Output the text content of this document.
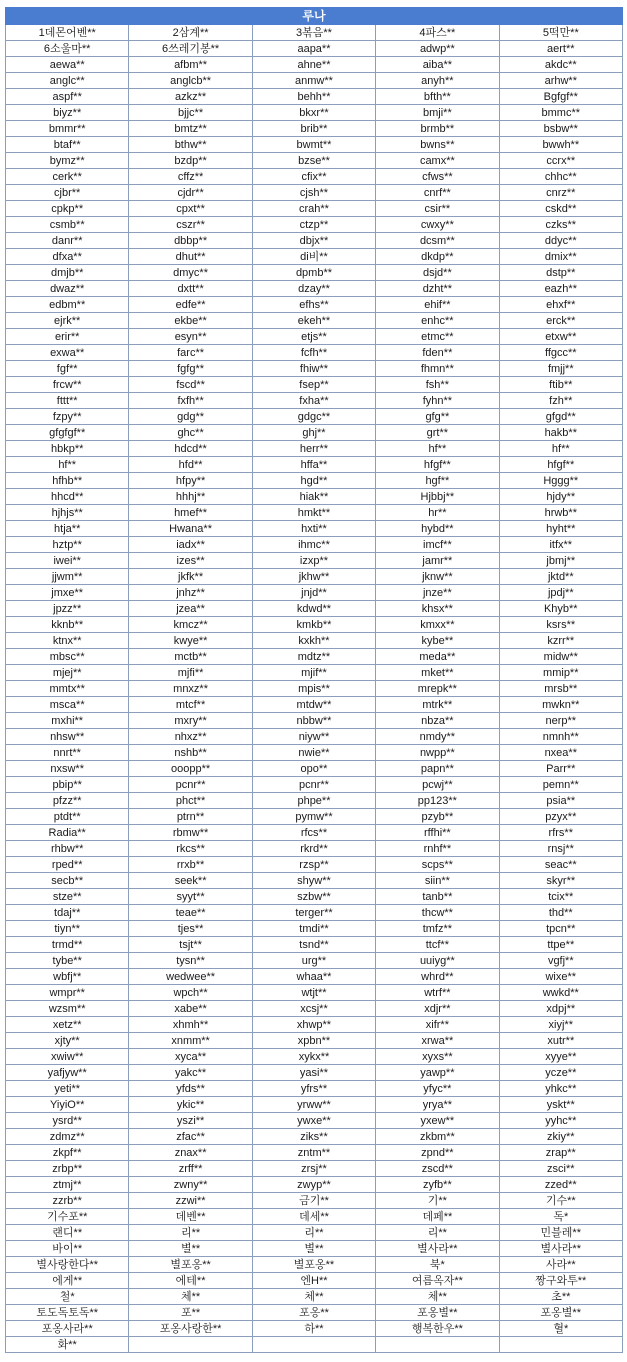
루나				
1데몬어벤**	2삼계**	3볶음**	4파스**	5떡만**
6소울마**	6쓰레기봉**	aapa**	adwp**	aert**
aewa**	afbm**	ahne**	aiba**	akdc**
anglc**	anglcb**	anmw**	anyh**	arhw**
aspf**	azkz**	behh**	bfth**	Bgfgf**
biyz**	bjjc**	bkxr**	bmji**	bmmc**
bmmr**	bmtz**	brib**	brmb**	bsbw**
btaf**	bthw**	bwmt**	bwns**	bwwh**
bymz**	bzdp**	bzse**	camx**	ccrx**
cerk**	cffz**	cfix**	cfws**	chhc**
cjbr**	cjdr**	cjsh**	cnrf**	cnrz**
cpkp**	cpxt**	crah**	csir**	cskd**
csmb**	cszr**	ctzp**	cwxy**	czks**
danr**	dbbp**	dbjx**	dcsm**	ddyc**
dfxa**	dhut**	di비**	dkdp**	dmix**
dmjb**	dmyc**	dpmb**	dsjd**	dstp**
dwaz**	dxtt**	dzay**	dzht**	eazh**
edbm**	edfe**	efhs**	ehif**	ehxf**
ejrk**	ekbe**	ekeh**	enhc**	erck**
erir**	esyn**	etjs**	etmc**	etxw**
exwa**	farc**	fcfh**	fden**	ffgcc**
fgf**	fgfg**	fhiw**	fhmn**	fmjj**
frcw**	fscd**	fsep**	fsh**	ftib**
fttt**	fxfh**	fxha**	fyhn**	fzh**
fzpy**	gdg**	gdgc**	gfg**	gfgd**
gfgfgf**	ghc**	ghj**	grt**	hakb**
hbkp**	hdcd**	herr**	hf**	hf**
hf**	hfd**	hffa**	hfgf**	hfgf**
hfhb**	hfpy**	hgd**	hgf**	Hggg**
hhcd**	hhhj**	hiak**	Hjbbj**	hjdy**
hjhjs**	hmef**	hmkt**	hr**	hrwb**
htja**	Hwana**	hxti**	hybd**	hyht**
hztp**	iadx**	ihmc**	imcf**	itfx**
iwei**	izes**	izxp**	jamr**	jbmj**
jjwm**	jkfk**	jkhw**	jknw**	jktd**
jmxe**	jnhz**	jnjd**	jnze**	jpdj**
jpzz**	jzea**	kdwd**	khsx**	Khyb**
kknb**	kmcz**	kmkb**	kmxx**	ksrs**
ktnx**	kwye**	kxkh**	kybe**	kzrr**
mbsc**	mctb**	mdtz**	meda**	midw**
mjej**	mjfi**	mjif**	mket**	mmip**
mmtx**	mnxz**	mpis**	mrepk**	mrsb**
msca**	mtcf**	mtdw**	mtrk**	mwkn**
mxhi**	mxry**	nbbw**	nbza**	nerp**
nhsw**	nhxz**	niyw**	nmdy**	nmnh**
nnrt**	nshb**	nwie**	nwpp**	nxea**
nxsw**	ooopp**	opo**	papn**	Parr**
pbip**	pcnr**	pcnr**	pcwj**	pemn**
pfzz**	phct**	phpe**	pp123**	psia**
ptdt**	ptrn**	pymw**	pzyb**	pzyx**
Radia**	rbmw**	rfcs**	rffhi**	rfrs**
rhbw**	rkcs**	rkrd**	rnhf**	rnsj**
rped**	rrxb**	rzsp**	scps**	seac**
secb**	seek**	shyw**	siin**	skyr**
stze**	syyt**	szbw**	tanb**	tcix**
tdaj**	teae**	terger**	thcw**	thd**
tiyn**	tjes**	tmdi**	tmfz**	tpcn**
trmd**	tsjt**	tsnd**	ttcf**	ttpe**
tybe**	tysn**	urg**	uuiyg**	vgfj**
wbfj**	wedwee**	whaa**	whrd**	wixe**
wmpr**	wpch**	wtjt**	wtrf**	wwkd**
wzsm**	xabe**	xcsj**	xdjr**	xdpj**
xetz**	xhmh**	xhwp**	xifr**	xiyj**
xjty**	xnmm**	xpbn**	xrwa**	xutr**
xwiw**	xyca**	xykx**	xyxs**	xyye**
yafjyw**	yakc**	yasi**	yawp**	ycze**
yeti**	yfds**	yfrs**	yfyc**	yhkc**
YiyiO**	ykic**	yrww**	yrya**	yskt**
ysrd**	yszi**	ywxe**	yxew**	yyhc**
zdmz**	zfac**	ziks**	zkbm**	zkiy**
zkpf**	znax**	zntm**	zpnd**	zrap**
zrbp**	zrff**	zrsj**	zscd**	zsci**
ztmj**	zwny**	zwyp**	zyfb**	zzed**
zzrb**	zzwi**	금기**	기**	기수**
기수포**	데벤**	데세**	데페**	독*
랜디**	리**	리**	리**	민블레**
바이**	별**	별**	별사라**	별사라**
별사랑한다**	별포옹**	별포옹**	북*	사라**
에게**	에테**	엔H**	여름옥자**	짱구와투**
철*	체**	체**	체**	초**
토도독토독**	포**	포옹**	포옹별**	포옹별**
포옹사라**	포옹사랑한**	하**	행복한우**	혈*
화**				
